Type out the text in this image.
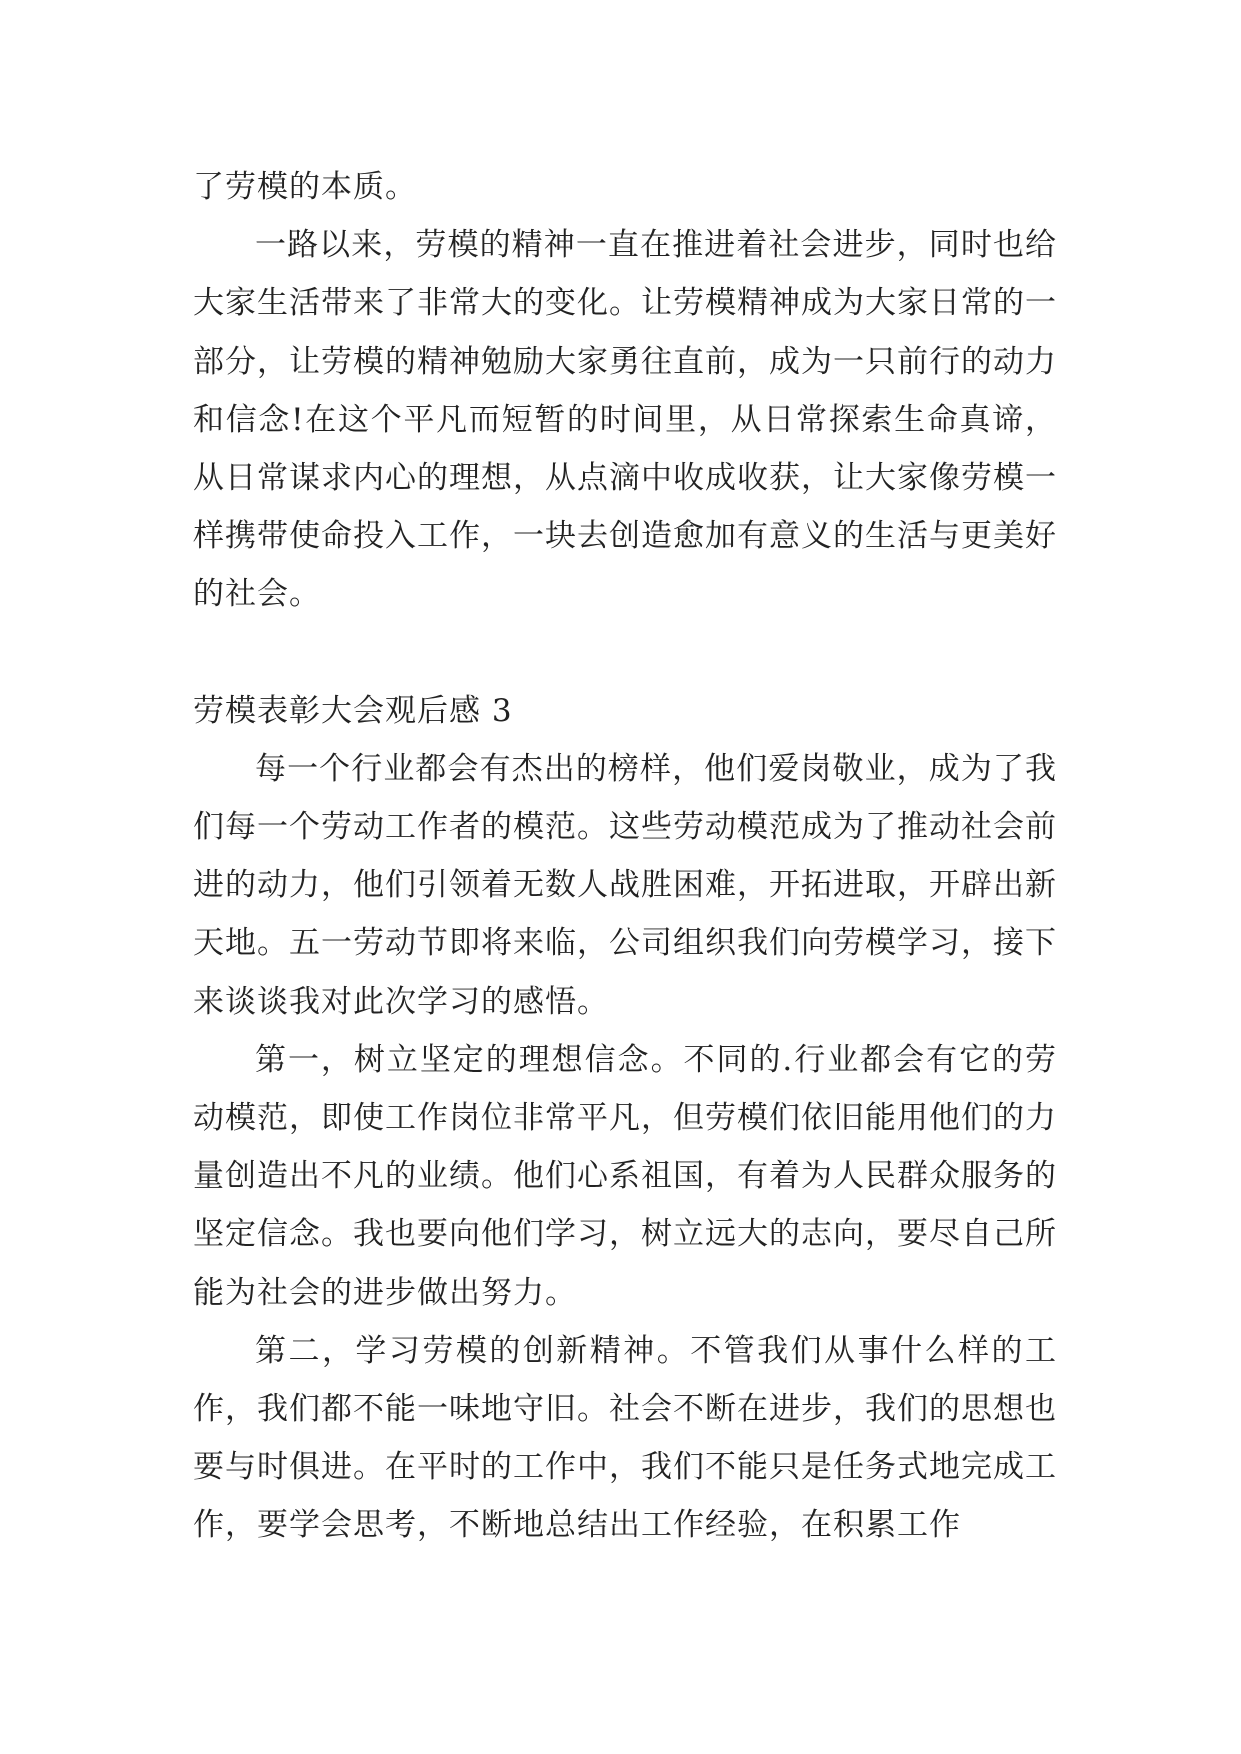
了劳模的本质。

一路以来，劳模的精神一直在推进着社会进步，同时也给大家生活带来了非常大的变化。让劳模精神成为大家日常的一部分，让劳模的精神勉励大家勇往直前，成为一只前行的动力和信念!在这个平凡而短暂的时间里，从日常探索生命真谛，从日常谋求内心的理想，从点滴中收成收获，让大家像劳模一样携带使命投入工作，一块去创造愈加有意义的生活与更美好的社会。

劳模表彰大会观后感 3

每一个行业都会有杰出的榜样，他们爱岗敬业，成为了我们每一个劳动工作者的模范。这些劳动模范成为了推动社会前进的动力，他们引领着无数人战胜困难，开拓进取，开辟出新天地。五一劳动节即将来临，公司组织我们向劳模学习，接下来谈谈我对此次学习的感悟。

第一，树立坚定的理想信念。不同的.行业都会有它的劳动模范，即使工作岗位非常平凡，但劳模们依旧能用他们的力量创造出不凡的业绩。他们心系祖国，有着为人民群众服务的坚定信念。我也要向他们学习，树立远大的志向，要尽自己所能为社会的进步做出努力。

第二，学习劳模的创新精神。不管我们从事什么样的工作，我们都不能一味地守旧。社会不断在进步，我们的思想也要与时俱进。在平时的工作中，我们不能只是任务式地完成工作，要学会思考，不断地总结出工作经验，在积累工作
